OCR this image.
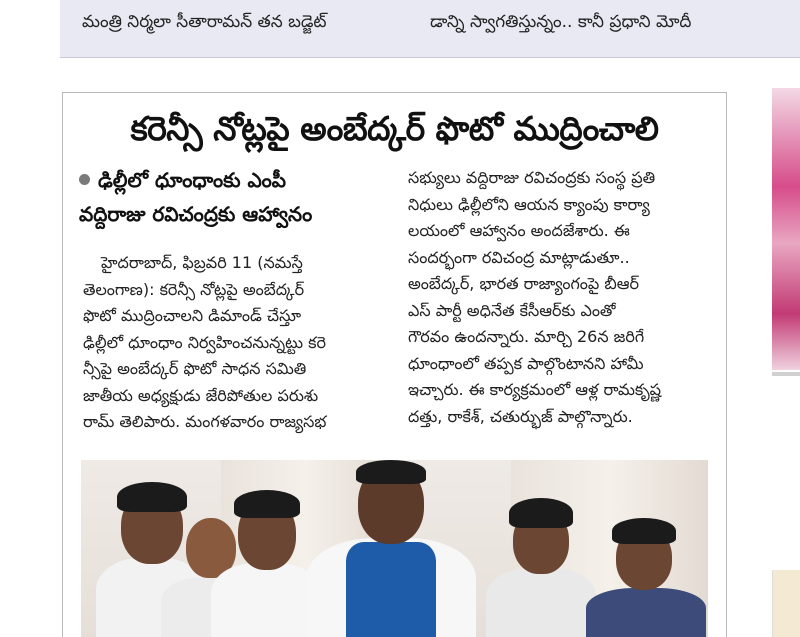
మంత్రి నిర్మలా సీతారామన్‌ తన బడ్జెట్‌	డాన్ని స్వాగతిస్తున్నం.. కానీ ప్రధాని మోదీ
కరెన్సీ నోట్లపై అంబేద్కర్‌ ఫొటో ముద్రించాలి
ఢిల్లీలో ధూంధాంకు ఎంపీ
వద్దిరాజు రవిచంద్రకు ఆహ్వానం

హైదరాబాద్‌, ఫిబ్రవరి 11 (నమస్తే

తెలంగాణ): కరెన్సీ నోట్లపై అంబేద్కర్‌

ఫొటో ముద్రించాలని డిమాండ్‌ చేస్తూ

ఢిల్లీలో ధూంధాం నిర్వహించనున్నట్టు కరె

న్సీపై అంబేద్కర్‌ ఫొటో సాధన సమితి

జాతీయ అధ్యక్షుడు జేరిపోతుల పరుశు

రామ్‌ తెలిపారు. మంగళవారం రాజ్యసభ

సభ్యులు వద్దిరాజు రవిచంద్రకు సంస్థ ప్రతి

నిధులు ఢిల్లీలోని ఆయన క్యాంపు కార్యా

లయంలో ఆహ్వానం అందజేశారు. ఈ

సందర్భంగా రవిచంద్ర మాట్లాడుతూ..

అంబేద్కర్‌, భారత రాజ్యాంగంపై బీఆర్‌

ఎస్‌ పార్టీ అధినేత కేసీఆర్‌కు ఎంతో

గౌరవం ఉందన్నారు. మార్చి 26న జరిగే

ధూంధాంలో తప్పక పాల్గొంటానని హామీ

ఇచ్చారు. ఈ కార్యక్రమంలో ఆళ్ల రామకృష్ణ

దత్తు, రాకేశ్‌, చతుర్భుజ్‌ పాల్గొన్నారు.
